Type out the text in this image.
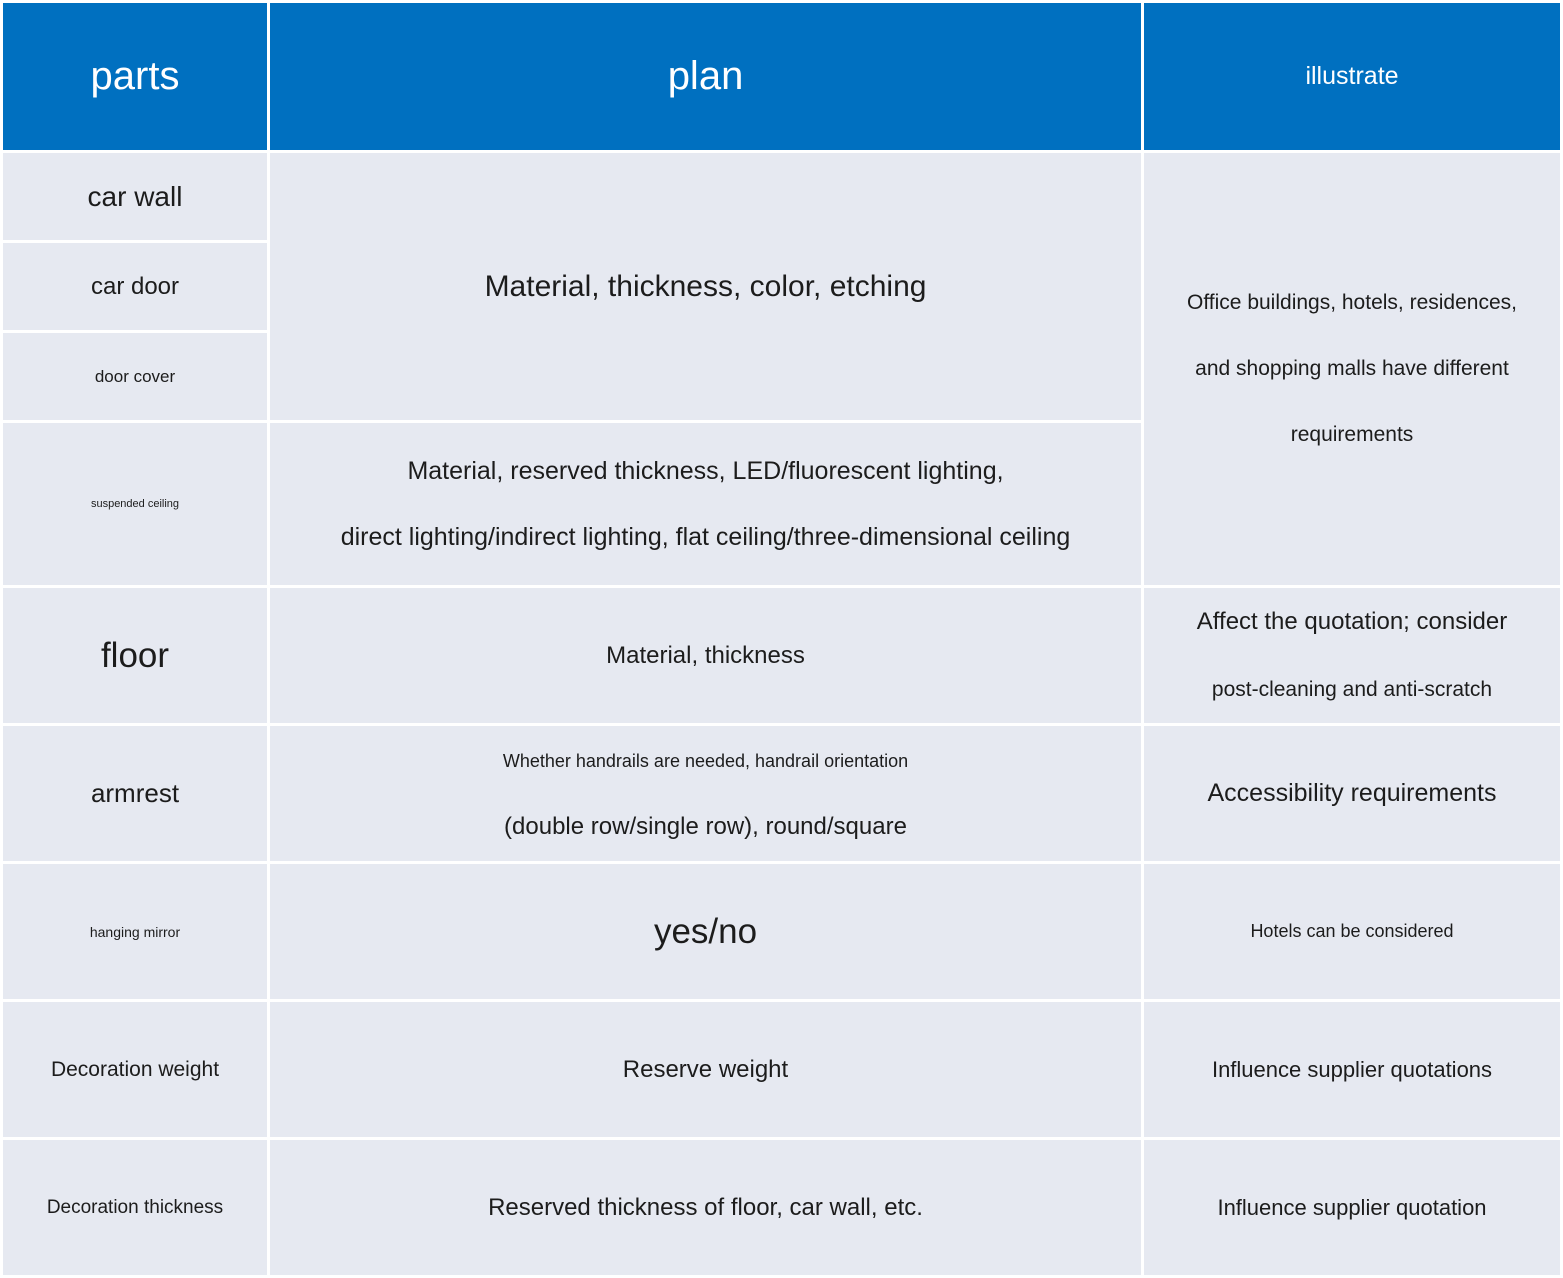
parts	plan	illustrate
car wall
car door
door cover
suspended ceiling
floor
armrest
hanging mirror
Decoration weight
Decoration thickness
Material, thickness, color, etching
Material, reserved thickness, LED/fluorescent lighting,
direct lighting/indirect lighting, flat ceiling/three-dimensional ceiling
Material, thickness
Whether handrails are needed, handrail orientation
(double row/single row), round/square
yes/no
Reserve weight
Reserved thickness of floor, car wall, etc.
Office buildings, hotels, residences,
and shopping malls have different
requirements
Affect the quotation; consider
post-cleaning and anti-scratch
Accessibility requirements
Hotels can be considered
Influence supplier quotations
Influence supplier quotation
